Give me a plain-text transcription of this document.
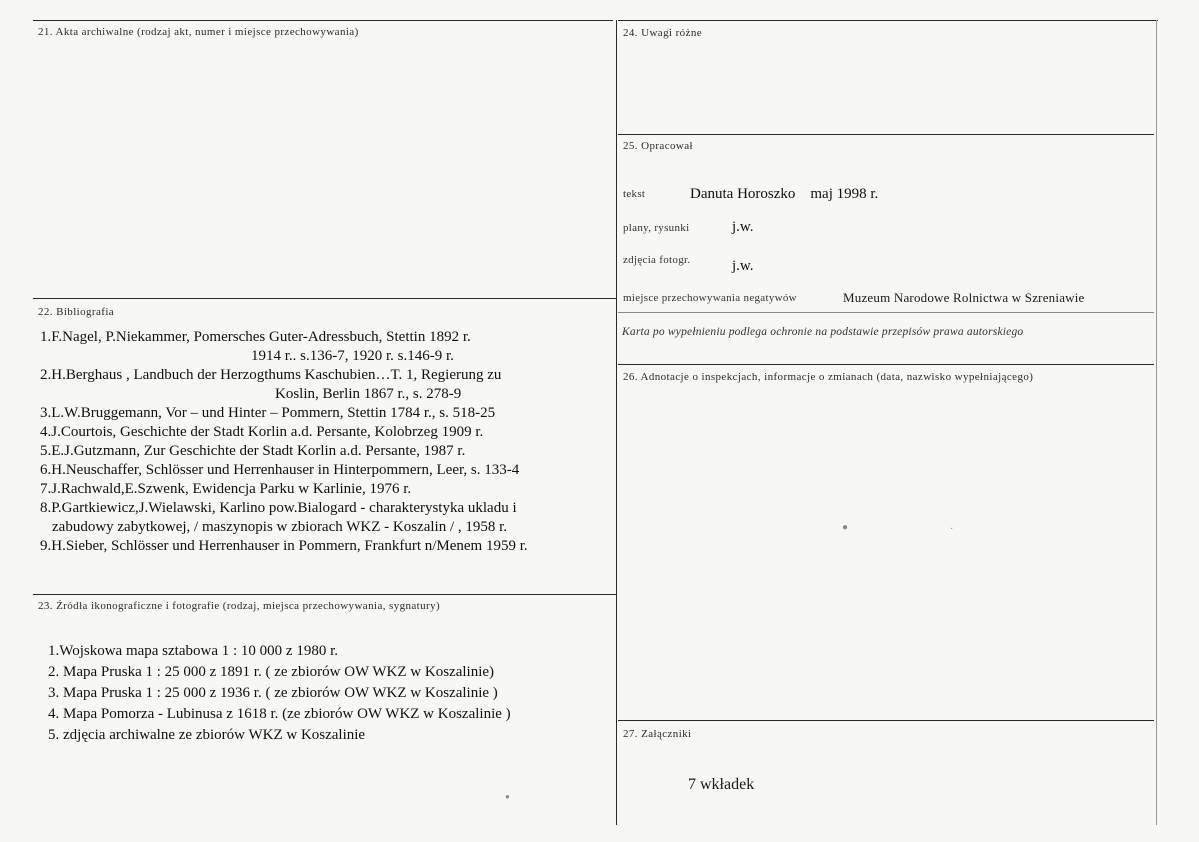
21. Akta archiwalne (rodzaj akt, numer i miejsce przechowywania)
22. Bibliografia
1.F.Nagel, P.Niekammer, Pomersches Guter-Adressbuch, Stettin 1892 r.
1914 r.. s.136-7, 1920 r. s.146-9 r.
2.H.Berghaus , Landbuch der Herzogthums Kaschubien…T. 1, Regierung zu
Koslin, Berlin 1867 r., s. 278-9
3.L.W.Bruggemann, Vor – und Hinter – Pommern, Stettin 1784 r., s. 518-25
4.J.Courtois, Geschichte der Stadt Korlin a.d. Persante, Kolobrzeg 1909 r.
5.E.J.Gutzmann, Zur Geschichte der Stadt Korlin a.d. Persante, 1987 r.
6.H.Neuschaffer, Schlösser und Herrenhauser in Hinterpommern, Leer, s. 133-4
7.J.Rachwald,E.Szwenk, Ewidencja Parku w Karlinie, 1976 r.
8.P.Gartkiewicz,J.Wielawski, Karlino pow.Bialogard - charakterystyka ukladu i
zabudowy zabytkowej, / maszynopis w zbiorach WKZ - Koszalin / , 1958 r.
9.H.Sieber, Schlösser und Herrenhauser in Pommern, Frankfurt n/Menem 1959 r.
23. Źródła ikonograficzne i fotografie (rodzaj, miejsca przechowywania, sygnatury)
1.Wojskowa mapa sztabowa 1 : 10 000 z 1980 r.
2. Mapa Pruska 1 : 25 000 z 1891 r. ( ze zbiorów OW WKZ w Koszalinie)
3. Mapa Pruska 1 : 25 000 z 1936 r. ( ze zbiorów OW WKZ w Koszalinie )
4. Mapa Pomorza - Lubinusa z 1618 r. (ze zbiorów OW WKZ w Koszalinie )
5. zdjęcia archiwalne ze zbiorów WKZ w Koszalinie
24. Uwagi różne
25. Opracował
tekst	Danuta Horoszko    maj 1998 r.
plany, rysunki	j.w.
zdjęcia fotogr.	j.w.
miejsce przechowywania negatywów	Muzeum Narodowe Rolnictwa w Szreniawie
Karta po wypełnieniu podlega ochronie na podstawie przepisów prawa autorskiego
26. Adnotacje o inspekcjach, informacje o zmianach (data, nazwisko wypełniającego)
27. Załączniki
7 wkładek
●	·
●
